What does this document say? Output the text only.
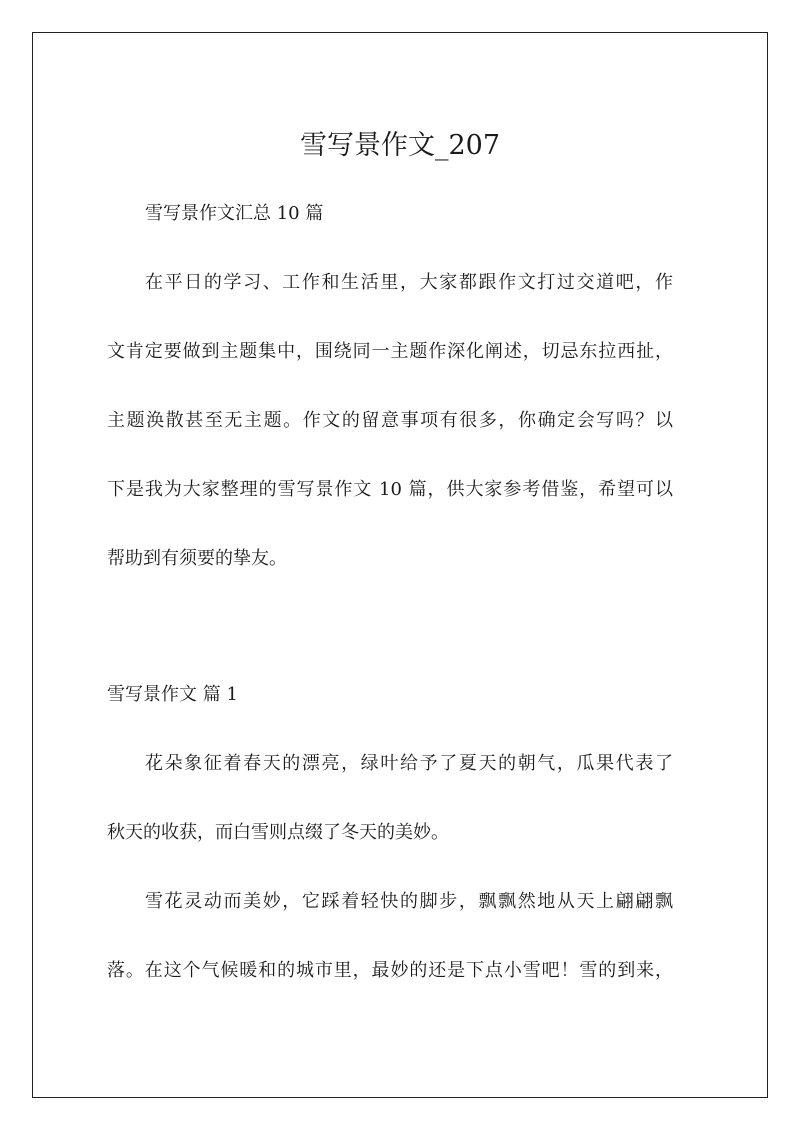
雪写景作文_207
雪写景作文汇总 10 篇
在平日的学习、工作和生活里，大家都跟作文打过交道吧，作
文肯定要做到主题集中，围绕同一主题作深化阐述，切忌东拉西扯，
主题涣散甚至无主题。作文的留意事项有很多，你确定会写吗？以
下是我为大家整理的雪写景作文 10 篇，供大家参考借鉴，希望可以
帮助到有须要的挚友。
雪写景作文 篇 1
花朵象征着春天的漂亮，绿叶给予了夏天的朝气，瓜果代表了
秋天的收获，而白雪则点缀了冬天的美妙。
雪花灵动而美妙，它踩着轻快的脚步，飘飘然地从天上翩翩飘
落。在这个气候暖和的城市里，最妙的还是下点小雪吧！雪的到来，
